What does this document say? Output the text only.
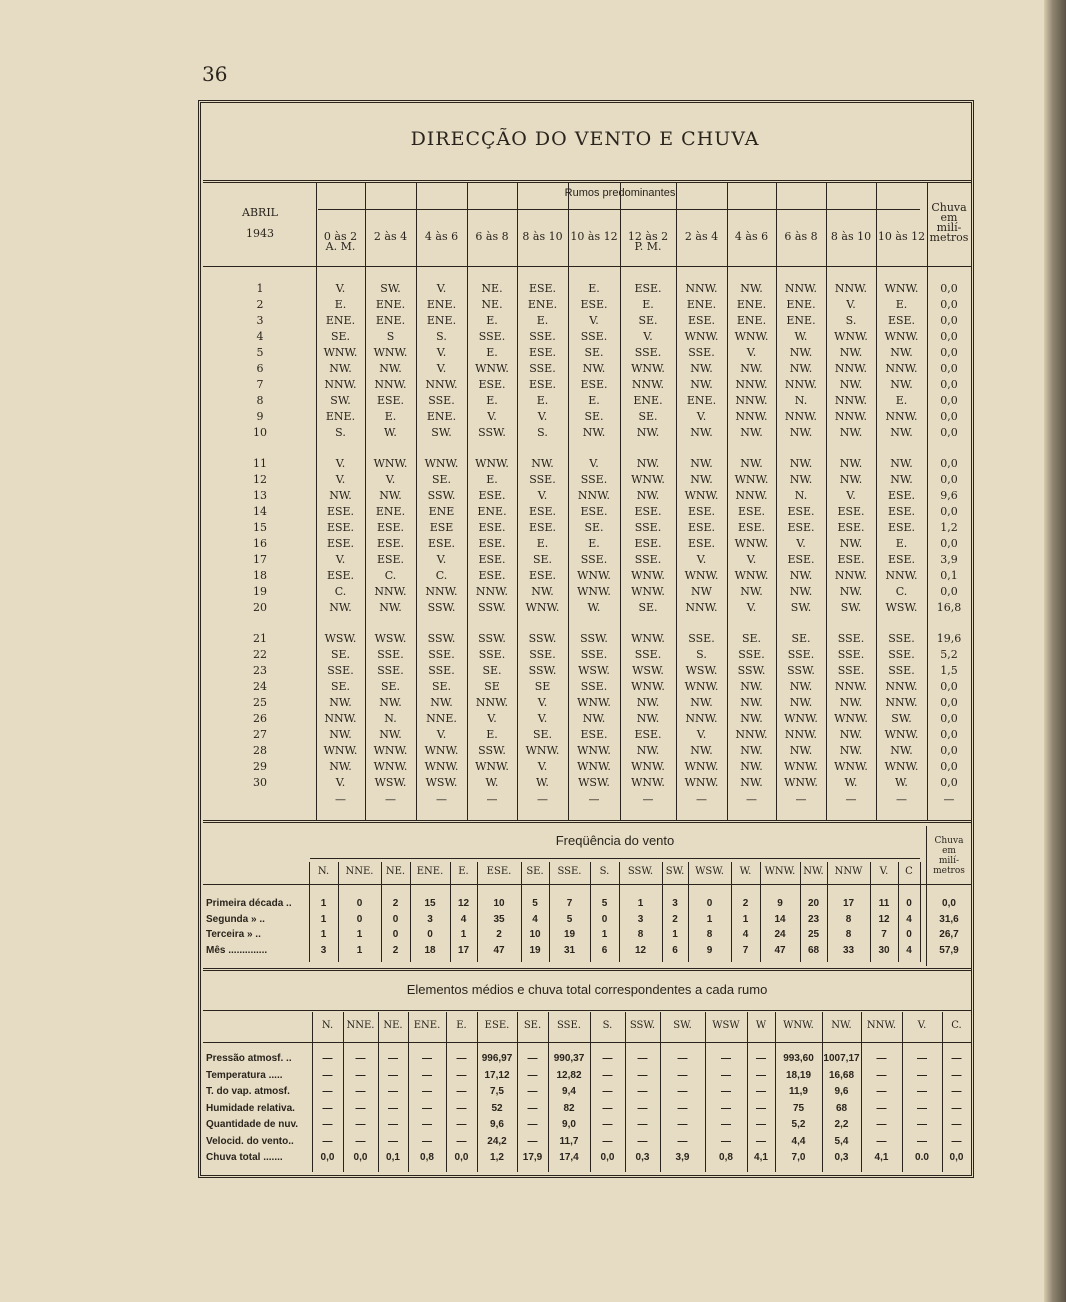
36
DIRECÇÃO DO VENTO E CHUVA
ABRIL
1943
Rumos predominantes
Chuva
em
milí-
metros
0 às 2
A. M.
2 às 4	4 às 6	6 às 8	8 às 10 10 às 12 12 às 2
P. M.
2 às 4	4 às 6	6 às 8	8 às 10 10 às 12
1	V.	SW.	V.	NE.	ESE.	E.	ESE.	NNW.	NW.	NNW.	NNW.	WNW.	0,0
2	E.	ENE.	ENE.	NE.	ENE.	ESE.	E.	ENE.	ENE.	ENE.	V.	E.	0,0
3	ENE.	ENE.	ENE.	E.	E.	V.	SE.	ESE.	ENE.	ENE.	S.	ESE.	0,0
4	SE.	S	S.	SSE.	SSE.	SSE.	V.	WNW.	WNW.	W.	WNW.	WNW.	0,0
5	WNW.	WNW.	V.	E.	ESE.	SE.	SSE.	SSE.	V.	NW.	NW.	NW.	0,0
6	NW.	NW.	V.	WNW.	SSE.	NW.	WNW.	NW.	NW.	NW.	NNW.	NNW.	0,0
7	NNW.	NNW.	NNW.	ESE.	ESE.	ESE.	NNW.	NW.	NNW.	NNW.	NW.	NW.	0,0
8	SW.	ESE.	SSE.	E.	E.	E.	ENE.	ENE.	NNW.	N.	NNW.	E.	0,0
9	ENE.	E.	ENE.	V.	V.	SE.	SE.	V.	NNW.	NNW.	NNW.	NNW.	0,0
10	S.	W.	SW.	SSW.	S.	NW.	NW.	NW.	NW.	NW.	NW.	NW.	0,0
11	V.	WNW.	WNW.	WNW.	NW.	V.	NW.	NW.	NW.	NW.	NW.	NW.	0,0
12	V.	V.	SE.	E.	SSE.	SSE.	WNW.	NW.	WNW.	NW.	NW.	NW.	0,0
13	NW.	NW.	SSW.	ESE.	V.	NNW.	NW.	WNW.	NNW.	N.	V.	ESE.	9,6
14	ESE.	ENE.	ENE	ENE.	ESE.	ESE.	ESE.	ESE.	ESE.	ESE.	ESE.	ESE.	0,0
15	ESE.	ESE.	ESE	ESE.	ESE.	SE.	SSE.	ESE.	ESE.	ESE.	ESE.	ESE.	1,2
16	ESE.	ESE.	ESE.	ESE.	E.	E.	ESE.	ESE.	WNW.	V.	NW.	E.	0,0
17	V.	ESE.	V.	ESE.	SE.	SSE.	SSE.	V.	V.	ESE.	ESE.	ESE.	3,9
18	ESE.	C.	C.	ESE.	ESE.	WNW.	WNW.	WNW.	WNW.	NW.	NNW.	NNW.	0,1
19	C.	NNW.	NNW.	NNW.	NW.	WNW.	WNW.	NW	NW.	NW.	NW.	C.	0,0
20	NW.	NW.	SSW.	SSW.	WNW.	W.	SE.	NNW.	V.	SW.	SW.	WSW.	16,8
21	WSW.	WSW.	SSW.	SSW.	SSW.	SSW.	WNW.	SSE.	SE.	SE.	SSE.	SSE.	19,6
22	SE.	SSE.	SSE.	SSE.	SSE.	SSE.	SSE.	S.	SSE.	SSE.	SSE.	SSE.	5,2
23	SSE.	SSE.	SSE.	SE.	SSW.	WSW.	WSW.	WSW.	SSW.	SSW.	SSE.	SSE.	1,5
24	SE.	SE.	SE.	SE	SE	SSE.	WNW.	WNW.	NW.	NW.	NNW.	NNW.	0,0
25	NW.	NW.	NW.	NNW.	V.	WNW.	NW.	NW.	NW.	NW.	NW.	NNW.	0,0
26	NNW.	N.	NNE.	V.	V.	NW.	NW.	NNW.	NW.	WNW.	WNW.	SW.	0,0
27	NW.	NW.	V.	E.	SE.	ESE.	ESE.	V.	NNW.	NNW.	NW.	WNW.	0,0
28	WNW.	WNW.	WNW.	SSW.	WNW.	WNW.	NW.	NW.	NW.	NW.	NW.	NW.	0,0
29	NW.	WNW.	WNW.	WNW.	V.	WNW.	WNW.	WNW.	NW.	WNW.	WNW.	WNW.	0,0
30	V.	WSW.	WSW.	W.	W.	WSW.	WNW.	WNW.	NW.	WNW.	W.	W.	0,0
—	—	—	—	—	—	—	—	—	—	—	—	—
Freqüência do vento	Chuva
em
milí-
metros
N.	NNE.	NE.	ENE.	E.	ESE.	SE.	SSE.	S.	SSW.	SW.	WSW.	W.	WNW. NW.	NNW	V.	C
Primeira década ..	1	0	2	15	12	10	5	7	5	1	3	0	2	9	20	17	11	0	0,0
Segunda » ..	1	0	0	3	4	35	4	5	0	3	2	1	1	14	23	8	12	4	31,6
Terceira » ..	1	1	0	0	1	2	10	19	1	8	1	8	4	24	25	8	7	0	26,7
Mês ..............	3	1	2	18	17	47	19	31	6	12	6	9	7	47	68	33	30	4	57,9
Elementos médios e chuva total correspondentes a cada rumo
N.	NNE. NE.	ENE.	E.	ESE.	SE.	SSE.	S.	SSW.	SW.	WSW	W	WNW.	NW.	NNW.	V.	C.
Pressão atmosf. ..	—	—	—	—	—	996,97	—	990,37	—	—	—	—	—	993,60 1007,17	—	—	—
Temperatura .....	—	—	—	—	—	17,12	—	12,82	—	—	—	—	—	18,19	16,68	—	—	—
T. do vap. atmosf.	—	—	—	—	—	7,5	—	9,4	—	—	—	—	—	11,9	9,6	—	—	—
Humidade relativa.	—	—	—	—	—	52	—	82	—	—	—	—	—	75	68	—	—	—
Quantidade de nuv.	—	—	—	—	—	9,6	—	9,0	—	—	—	—	—	5,2	2,2	—	—	—
Velocid. do vento..	—	—	—	—	—	24,2	—	11,7	—	—	—	—	—	4,4	5,4	—	—	—
Chuva total .......	0,0	0,0	0,1	0,8	0,0	1,2	17,9	17,4	0,0	0,3	3,9	0,8	4,1	7,0	0,3	4,1	0.0	0,0
